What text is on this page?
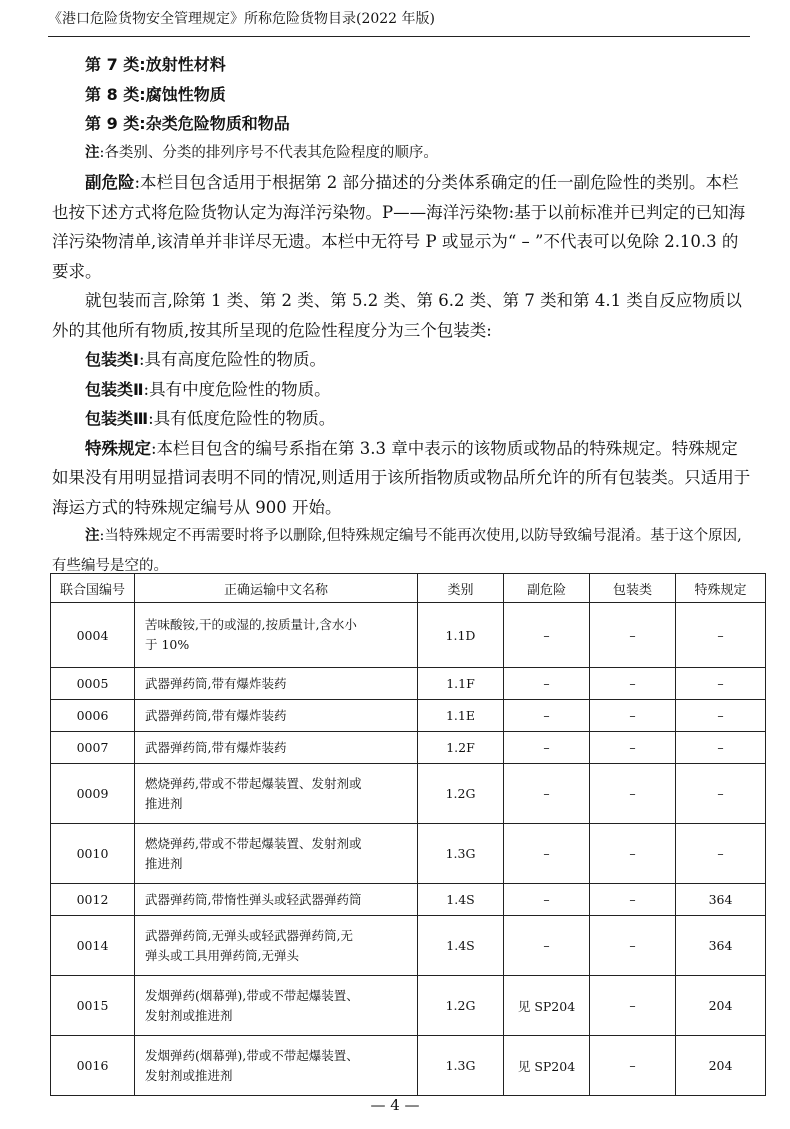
《港口危险货物安全管理规定》所称危险货物目录(2022 年版)

第 7 类:放射性材料

第 8 类:腐蚀性物质

第 9 类:杂类危险物质和物品

注:各类别、分类的排列序号不代表其危险程度的顺序。

副危险:本栏目包含适用于根据第 2 部分描述的分类体系确定的任一副危险性的类别。本栏也按下述方式将危险货物认定为海洋污染物。P——海洋污染物:基于以前标准并已判定的已知海洋污染物清单,该清单并非详尽无遗。本栏中无符号 P 或显示为“ – ”不代表可以免除 2.10.3 的要求。

就包装而言,除第 1 类、第 2 类、第 5.2 类、第 6.2 类、第 7 类和第 4.1 类自反应物质以外的其他所有物质,按其所呈现的危险性程度分为三个包装类:

包装类Ⅰ:具有高度危险性的物质。

包装类Ⅱ:具有中度危险性的物质。

包装类Ⅲ:具有低度危险性的物质。

特殊规定:本栏目包含的编号系指在第 3.3 章中表示的该物质或物品的特殊规定。特殊规定如果没有用明显措词表明不同的情况,则适用于该所指物质或物品所允许的所有包装类。只适用于海运方式的特殊规定编号从 900 开始。

注:当特殊规定不再需要时将予以删除,但特殊规定编号不能再次使用,以防导致编号混淆。基于这个原因,有些编号是空的。

联合国编号	正确运输中文名称	类别	副危险	包装类	特殊规定
0004	苦味酸铵,干的或湿的,按质量计,含水小
于 10%	1.1D	–	–	–
0005	武器弹药筒,带有爆炸装药	1.1F	–	–	–
0006	武器弹药筒,带有爆炸装药	1.1E	–	–	–
0007	武器弹药筒,带有爆炸装药	1.2F	–	–	–
0009	燃烧弹药,带或不带起爆装置、发射剂或
推进剂	1.2G	–	–	–
0010	燃烧弹药,带或不带起爆装置、发射剂或
推进剂	1.3G	–	–	–
0012	武器弹药筒,带惰性弹头或轻武器弹药筒	1.4S	–	–	364
0014	武器弹药筒,无弹头或轻武器弹药筒,无
弹头或工具用弹药筒,无弹头	1.4S	–	–	364
0015	发烟弹药(烟幕弹),带或不带起爆装置、
发射剂或推进剂	1.2G	见 SP204	–	204
0016	发烟弹药(烟幕弹),带或不带起爆装置、
发射剂或推进剂	1.3G	见 SP204	–	204
— 4 —
